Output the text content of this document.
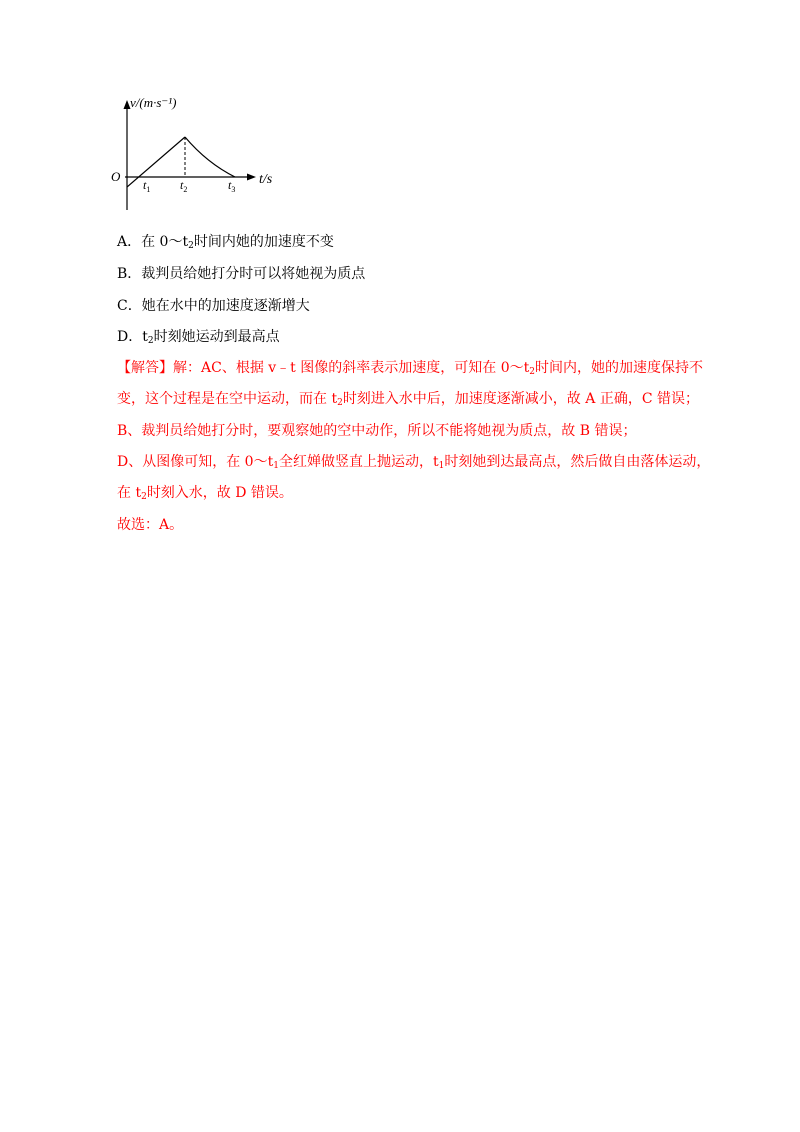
v/(m·s⁻¹)
O	t/s
$t_1$ $t_2$	$t_3$
A．在 $0\sim t_2$时间内她的加速度不变
B．裁判员给她打分时可以将她视为质点
C．她在水中的加速度逐渐增大
D．$t_2$时刻她运动到最高点
【解答】解：AC、根据 v﹣t 图像的斜率表示加速度，可知在 $0\sim t_2$时间内，她的加速度保持不
变，这个过程是在空中运动，而在 $t_2$时刻进入水中后，加速度逐渐减小，故 A 正确，C 错误；
B、裁判员给她打分时，要观察她的空中动作，所以不能将她视为质点，故 B 错误；
D、从图像可知，在 $0\sim t_1$全红婵做竖直上抛运动，$t_1$时刻她到达最高点，然后做自由落体运动，
在 $t_2$时刻入水，故 D 错误。
故选：A。
